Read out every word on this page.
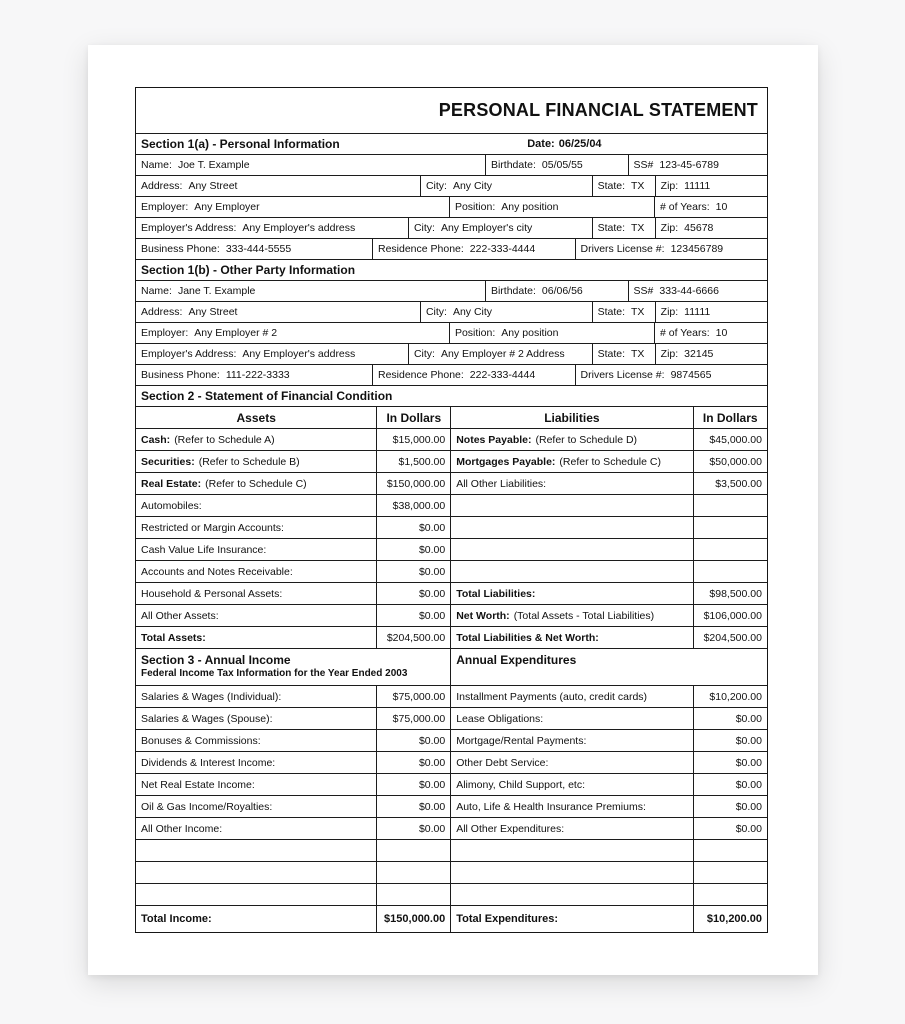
PERSONAL FINANCIAL STATEMENT
Section 1(a) - Personal Information	Date: 06/25/04
Name: Joe T. Example	Birthdate: 05/05/55	SS# 123-45-6789
Address: Any Street	City: Any City	State: TX Zip: 11111
Employer: Any Employer	Position: Any position	# of Years: 10
Employer's Address: Any Employer's address	City: Any Employer's city	State: TX Zip: 45678
Business Phone: 333-444-5555	Residence Phone: 222-333-4444	Drivers License #: 123456789
Section 1(b) - Other Party Information
Name: Jane T. Example	Birthdate: 06/06/56	SS# 333-44-6666
Address: Any Street	City: Any City	State: TX Zip: 11111
Employer: Any Employer # 2	Position: Any position	# of Years: 10
Employer's Address: Any Employer's address	City: Any Employer # 2 Address	State: TX Zip: 32145
Business Phone: 111-222-3333	Residence Phone: 222-333-4444	Drivers License #: 9874565
Section 2 - Statement of Financial Condition
Assets	In Dollars	Liabilities	In Dollars
Cash: (Refer to Schedule A)	$15,000.00 Notes Payable: (Refer to Schedule D)	$45,000.00
Securities: (Refer to Schedule B)	$1,500.00 Mortgages Payable: (Refer to Schedule C)	$50,000.00
Real Estate: (Refer to Schedule C)	$150,000.00 All Other Liabilities:	$3,500.00
Automobiles:	$38,000.00
Restricted or Margin Accounts:	$0.00
Cash Value Life Insurance:	$0.00
Accounts and Notes Receivable:	$0.00
Household & Personal Assets:	$0.00 Total Liabilities:	$98,500.00
All Other Assets:	$0.00 Net Worth: (Total Assets - Total Liabilities)	$106,000.00
Total Assets:	$204,500.00 Total Liabilities & Net Worth:	$204,500.00
Section 3 - Annual Income
Federal Income Tax Information for the Year Ended 2003
Annual Expenditures
Salaries & Wages (Individual):	$75,000.00 Installment Payments (auto, credit cards)	$10,200.00
Salaries & Wages (Spouse):	$75,000.00 Lease Obligations:	$0.00
Bonuses & Commissions:	$0.00 Mortgage/Rental Payments:	$0.00
Dividends & Interest Income:	$0.00 Other Debt Service:	$0.00
Net Real Estate Income:	$0.00 Alimony, Child Support, etc:	$0.00
Oil & Gas Income/Royalties:	$0.00 Auto, Life & Health Insurance Premiums:	$0.00
All Other Income:	$0.00 All Other Expenditures:	$0.00
Total Income:	$150,000.00	Total Expenditures:	$10,200.00
